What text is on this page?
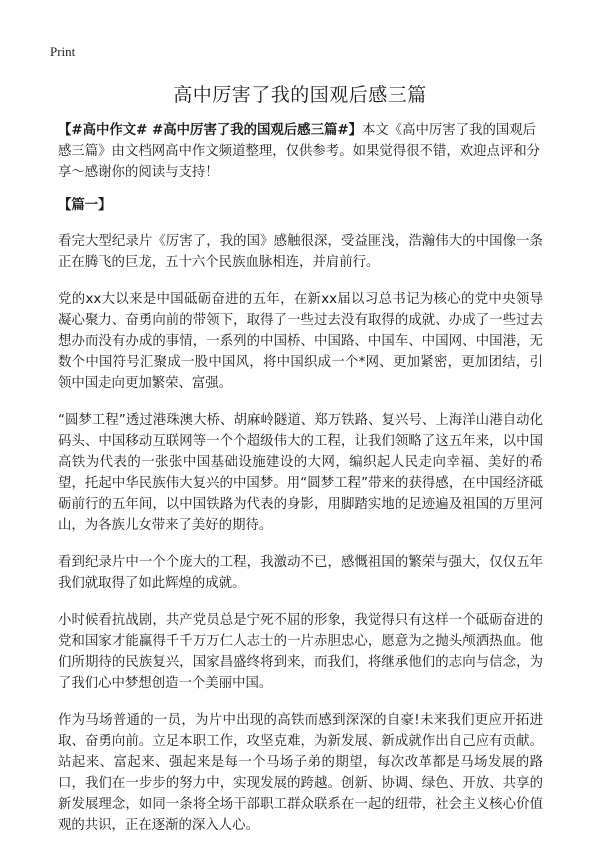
Print
高中厉害了我的国观后感三篇

【#高中作文# #高中厉害了我的国观后感三篇#】本文《高中厉害了我的国观后感三篇》由文档网高中作文频道整理，仅供参考。如果觉得很不错，欢迎点评和分享～感谢你的阅读与支持！

【篇一】

看完大型纪录片《厉害了，我的国》感触很深，受益匪浅，浩瀚伟大的中国像一条正在腾飞的巨龙，五十六个民族血脉相连，并肩前行。

党的xx大以来是中国砥砺奋进的五年，在新xx届以习总书记为核心的党中央领导凝心聚力、奋勇向前的带领下，取得了一些过去没有取得的成就、办成了一些过去想办而没有办成的事情，一系列的中国桥、中国路、中国车、中国网、中国港，无数个中国符号汇聚成一股中国风，将中国织成一个*网、更加紧密，更加团结，引领中国走向更加繁荣、富强。

“圆梦工程”透过港珠澳大桥、胡麻岭隧道、郑万铁路、复兴号、上海洋山港自动化码头、中国移动互联网等一个个超级伟大的工程，让我们领略了这五年来，以中国高铁为代表的一张张中国基础设施建设的大网，编织起人民走向幸福、美好的希望，托起中华民族伟大复兴的中国梦。用“圆梦工程”带来的获得感，在中国经济砥砺前行的五年间，以中国铁路为代表的身影，用脚踏实地的足迹遍及祖国的万里河山，为各族儿女带来了美好的期待。

看到纪录片中一个个庞大的工程，我激动不已，感慨祖国的繁荣与强大，仅仅五年我们就取得了如此辉煌的成就。

小时候看抗战剧，共产党员总是宁死不屈的形象，我觉得只有这样一个砥砺奋进的党和国家才能赢得千千万万仁人志士的一片赤胆忠心，愿意为之抛头颅洒热血。他们所期待的民族复兴，国家昌盛终将到来，而我们，将继承他们的志向与信念，为了我们心中梦想创造一个美丽中国。

作为马场普通的一员，为片中出现的高铁而感到深深的自豪!未来我们更应开拓进取、奋勇向前。立足本职工作，攻坚克难，为新发展、新成就作出自己应有贡献。站起来、富起来、强起来是每一个马场子弟的期望，每次改革都是马场发展的路口，我们在一步步的努力中，实现发展的跨越。创新、协调、绿色、开放、共享的新发展理念，如同一条将全场干部职工群众联系在一起的纽带，社会主义核心价值观的共识，正在逐渐的深入人心。
